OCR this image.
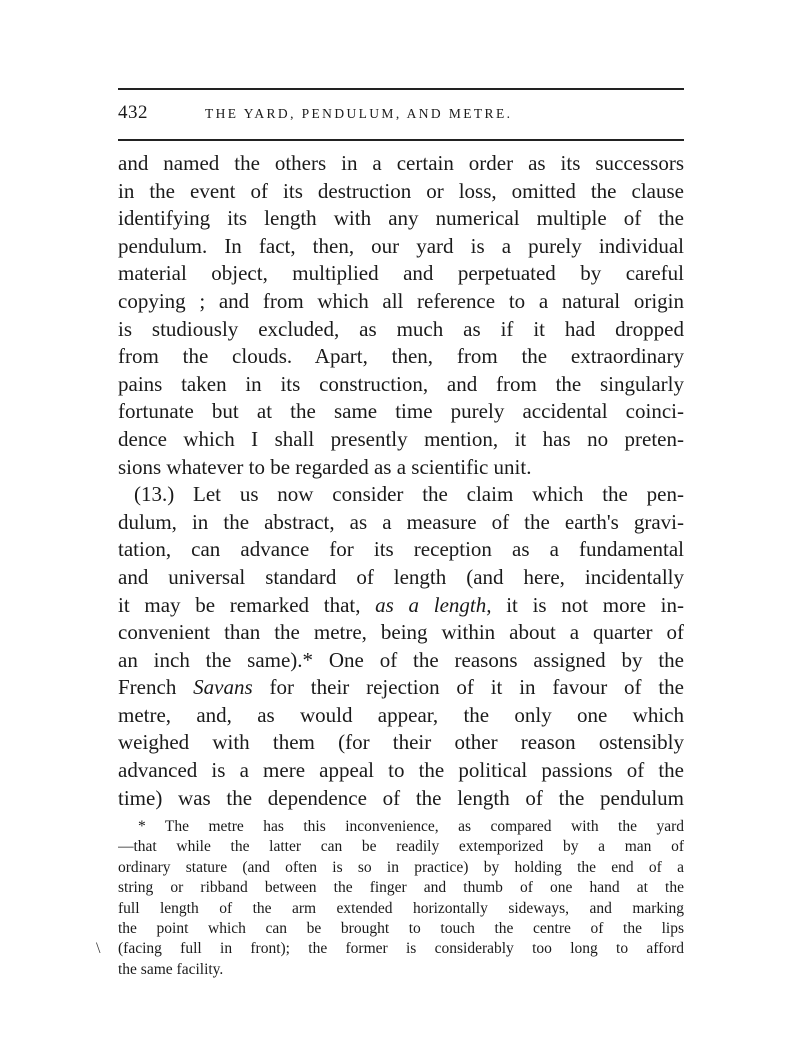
432	THE YARD, PENDULUM, AND METRE.
and named the others in a certain order as its successors
in the event of its destruction or loss, omitted the clause
identifying its length with any numerical multiple of the
pendulum. In fact, then, our yard is a purely individual
material object, multiplied and perpetuated by careful
copying ; and from which all reference to a natural origin
is studiously excluded, as much as if it had dropped
from the clouds. Apart, then, from the extraordinary
pains taken in its construction, and from the singularly
fortunate but at the same time purely accidental coinci-
dence which I shall presently mention, it has no preten-
sions whatever to be regarded as a scientific unit.
(13.) Let us now consider the claim which the pen-
dulum, in the abstract, as a measure of the earth's gravi-
tation, can advance for its reception as a fundamental
and universal standard of length (and here, incidentally
it may be remarked that, as a length, it is not more in-
convenient than the metre, being within about a quarter of
an inch the same).* One of the reasons assigned by the
French Savans for their rejection of it in favour of the
metre, and, as would appear, the only one which
weighed with them (for their other reason ostensibly
advanced is a mere appeal to the political passions of the
time) was the dependence of the length of the pendulum
* The metre has this inconvenience, as compared with the yard
—that while the latter can be readily extemporized by a man of
ordinary stature (and often is so in practice) by holding the end of a
string or ribband between the finger and thumb of one hand at the
full length of the arm extended horizontally sideways, and marking
the point which can be brought to touch the centre of the lips
(facing full in front); the former is considerably too long to afford
the same facility.
\
